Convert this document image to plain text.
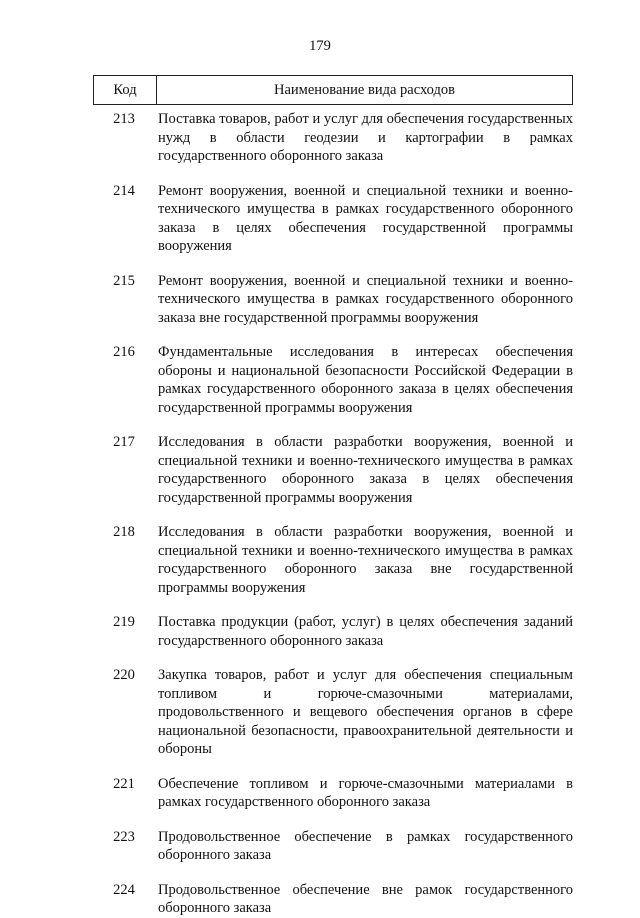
179
Код	Наименование вида расходов
213	Поставка товаров, работ и услуг для обеспечения государственных нужд в области геодезии и картографии в рамках государственного оборонного заказа
214	Ремонт вооружения, военной и специальной техники и военно-технического имущества в рамках государственного оборонного заказа в целях обеспечения государственной программы вооружения
215	Ремонт вооружения, военной и специальной техники и военно-технического имущества в рамках государственного оборонного заказа вне государственной программы вооружения
216	Фундаментальные исследования в интересах обеспечения обороны и национальной безопасности Российской Федерации в рамках государственного оборонного заказа в целях обеспечения государственной программы вооружения
217	Исследования в области разработки вооружения, военной и специальной техники и военно-технического имущества в рамках государственного оборонного заказа в целях обеспечения государственной программы вооружения
218	Исследования в области разработки вооружения, военной и специальной техники и военно-технического имущества в рамках государственного оборонного заказа вне государственной программы вооружения
219	Поставка продукции (работ, услуг) в целях обеспечения заданий государственного оборонного заказа
220	Закупка товаров, работ и услуг для обеспечения специальным топливом и горюче-смазочными материалами, продовольственного и вещевого обеспечения органов в сфере национальной безопасности, правоохранительной деятельности и обороны
221	Обеспечение топливом и горюче-смазочными материалами в рамках государственного оборонного заказа
223	Продовольственное обеспечение в рамках государственного оборонного заказа
224	Продовольственное обеспечение вне рамок государственного оборонного заказа
